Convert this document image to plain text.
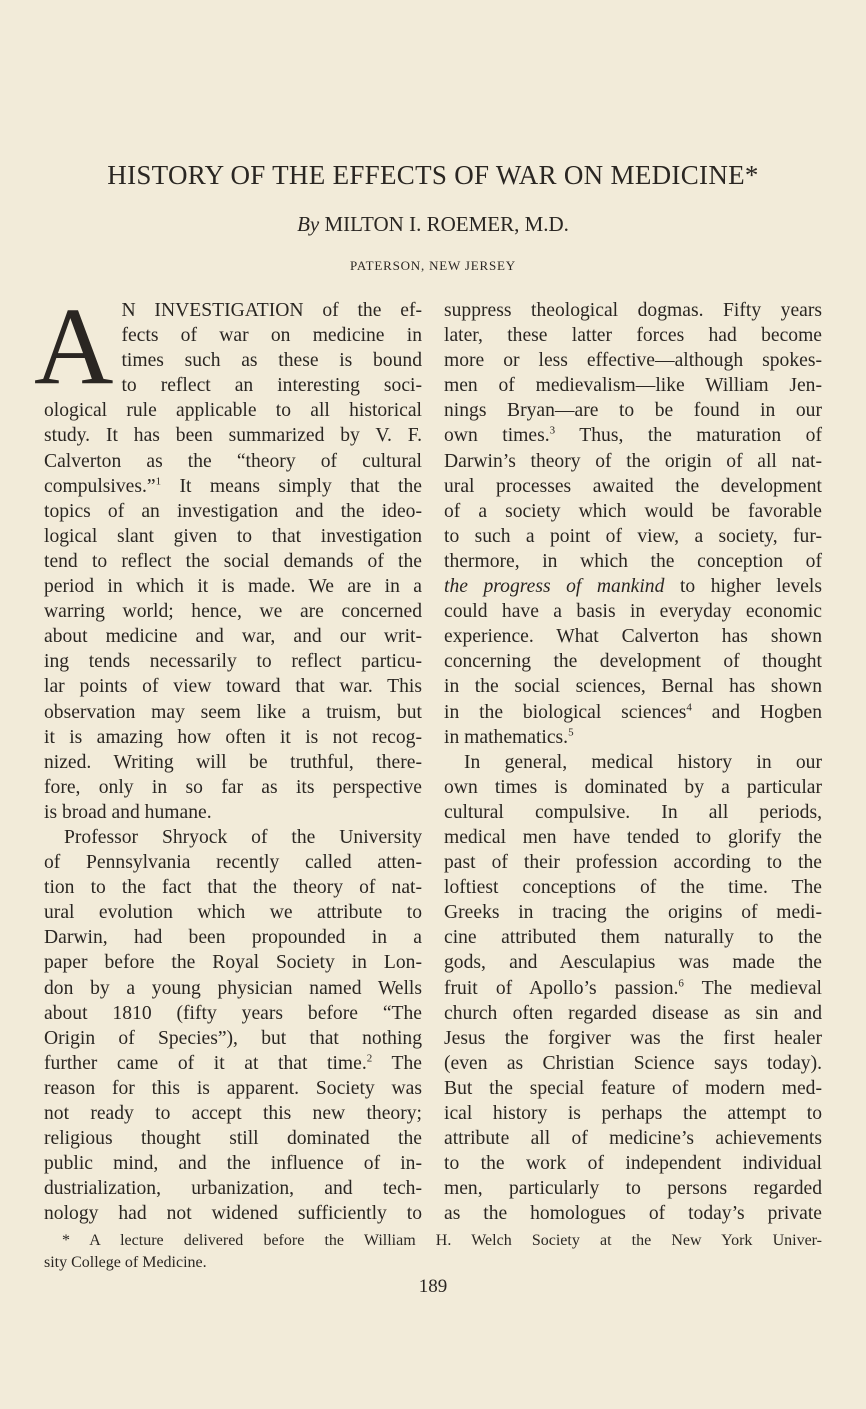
HISTORY OF THE EFFECTS OF WAR ON MEDICINE*
By MILTON I. ROEMER, M.D.
PATERSON, NEW JERSEY

A N INVESTIGATION of the ef-
fects of war on medicine in
times such as these is bound
to reflect an interesting soci-
ological rule applicable to all historical
study. It has been summarized by V. F.
Calverton as the “theory of cultural
compulsives.”$^1$ It means simply that the
topics of an investigation and the ideo-
logical slant given to that investigation
tend to reflect the social demands of the
period in which it is made. We are in a
warring world; hence, we are concerned
about medicine and war, and our writ-
ing tends necessarily to reflect particu-
lar points of view toward that war. This
observation may seem like a truism, but
it is amazing how often it is not recog-
nized. Writing will be truthful, there-
fore, only in so far as its perspective
is broad and humane.

Professor Shryock of the University
of Pennsylvania recently called atten-
tion to the fact that the theory of nat-
ural evolution which we attribute to
Darwin, had been propounded in a
paper before the Royal Society in Lon-
don by a young physician named Wells
about 1810 (fifty years before “The
Origin of Species”), but that nothing
further came of it at that time.$^2$ The
reason for this is apparent. Society was
not ready to accept this new theory;
religious thought still dominated the
public mind, and the influence of in-
dustrialization, urbanization, and tech-
nology had not widened sufficiently to

suppress theological dogmas. Fifty years
later, these latter forces had become
more or less effective—although spokes-
men of medievalism—like William Jen-
nings Bryan—are to be found in our
own times.$^3$ Thus, the maturation of
Darwin’s theory of the origin of all nat-
ural processes awaited the development
of a society which would be favorable
to such a point of view, a society, fur-
thermore, in which the conception of
the progress of mankind to higher levels
could have a basis in everyday economic
experience. What Calverton has shown
concerning the development of thought
in the social sciences, Bernal has shown
in the biological sciences$^4$ and Hogben
in mathematics.$^5$

In general, medical history in our
own times is dominated by a particular
cultural compulsive. In all periods,
medical men have tended to glorify the
past of their profession according to the
loftiest conceptions of the time. The
Greeks in tracing the origins of medi-
cine attributed them naturally to the
gods, and Aesculapius was made the
fruit of Apollo’s passion.$^6$ The medieval
church often regarded disease as sin and
Jesus the forgiver was the first healer
(even as Christian Science says today).
But the special feature of modern med-
ical history is perhaps the attempt to
attribute all of medicine’s achievements
to the work of independent individual
men, particularly to persons regarded
as the homologues of today’s private

* A lecture delivered before the William H. Welch Society at the New York Univer-
sity College of Medicine.
189
